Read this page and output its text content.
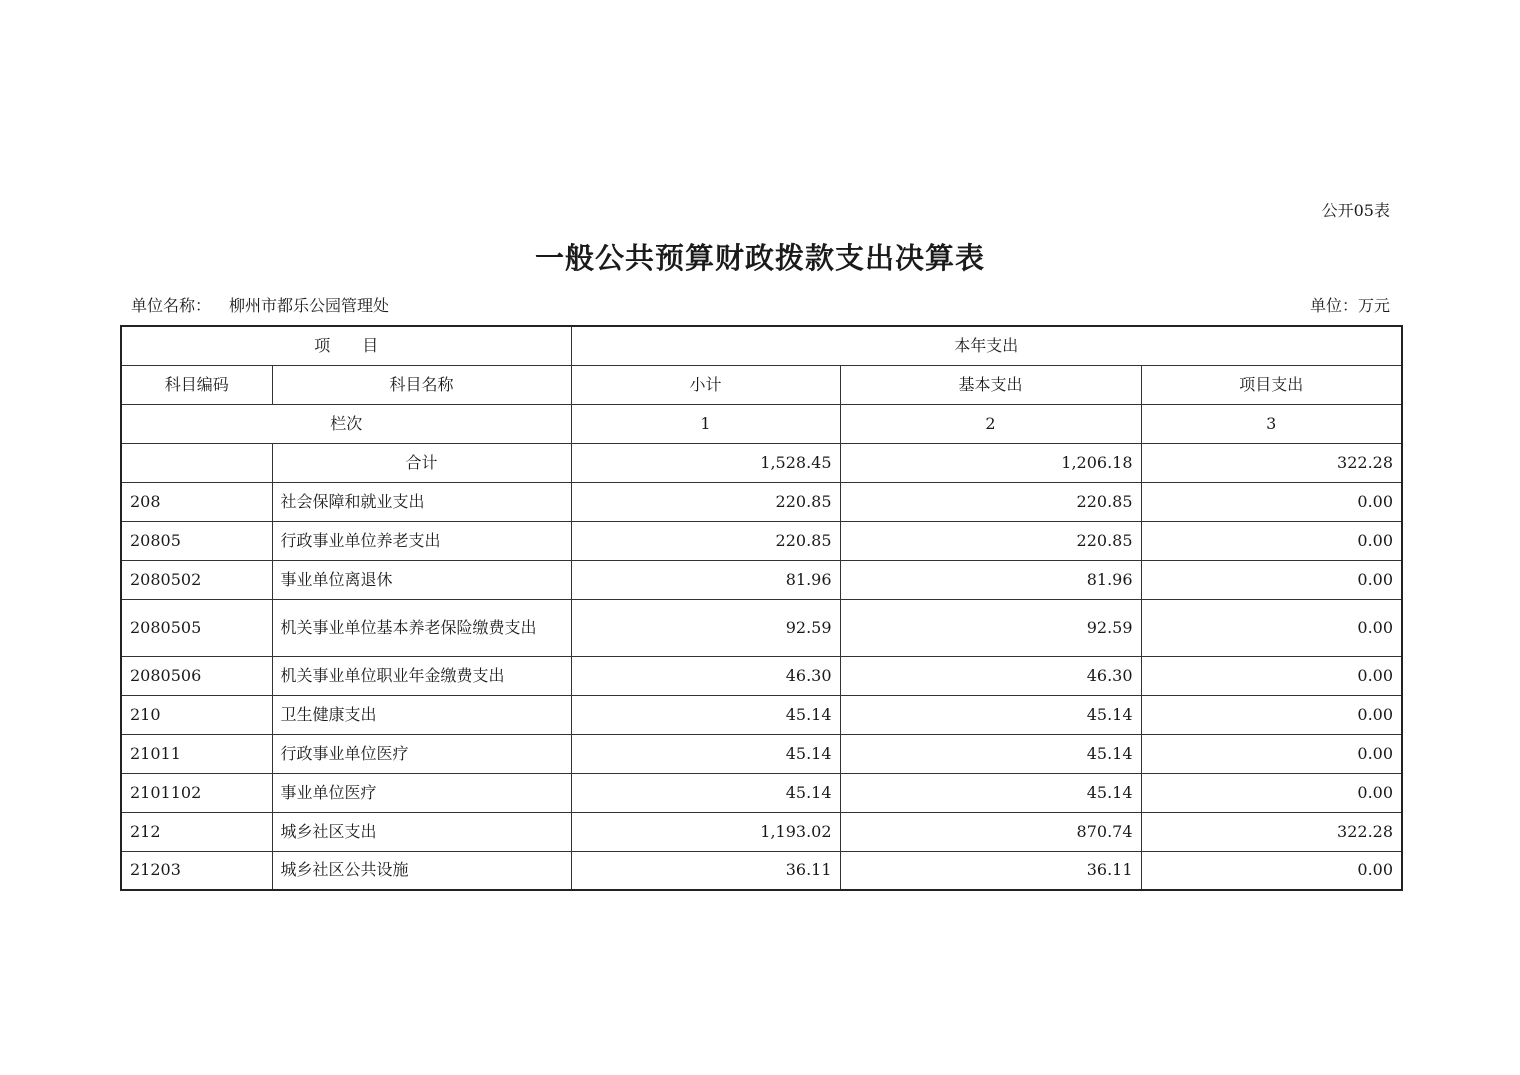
公开05表
一般公共预算财政拨款支出决算表
单位名称： 柳州市都乐公园管理处	单位：万元
项　　目		本年支出		
科目编码	科目名称	小计	基本支出	项目支出
栏次		1	2	3
	合计	1,528.45	1,206.18	322.28
208	社会保障和就业支出	220.85	220.85	0.00
20805	行政事业单位养老支出	220.85	220.85	0.00
2080502	事业单位离退休	81.96	81.96	0.00
2080505	机关事业单位基本养老保险缴费支出	92.59	92.59	0.00
2080506	机关事业单位职业年金缴费支出	46.30	46.30	0.00
210	卫生健康支出	45.14	45.14	0.00
21011	行政事业单位医疗	45.14	45.14	0.00
2101102	事业单位医疗	45.14	45.14	0.00
212	城乡社区支出	1,193.02	870.74	322.28
21203	城乡社区公共设施	36.11	36.11	0.00
